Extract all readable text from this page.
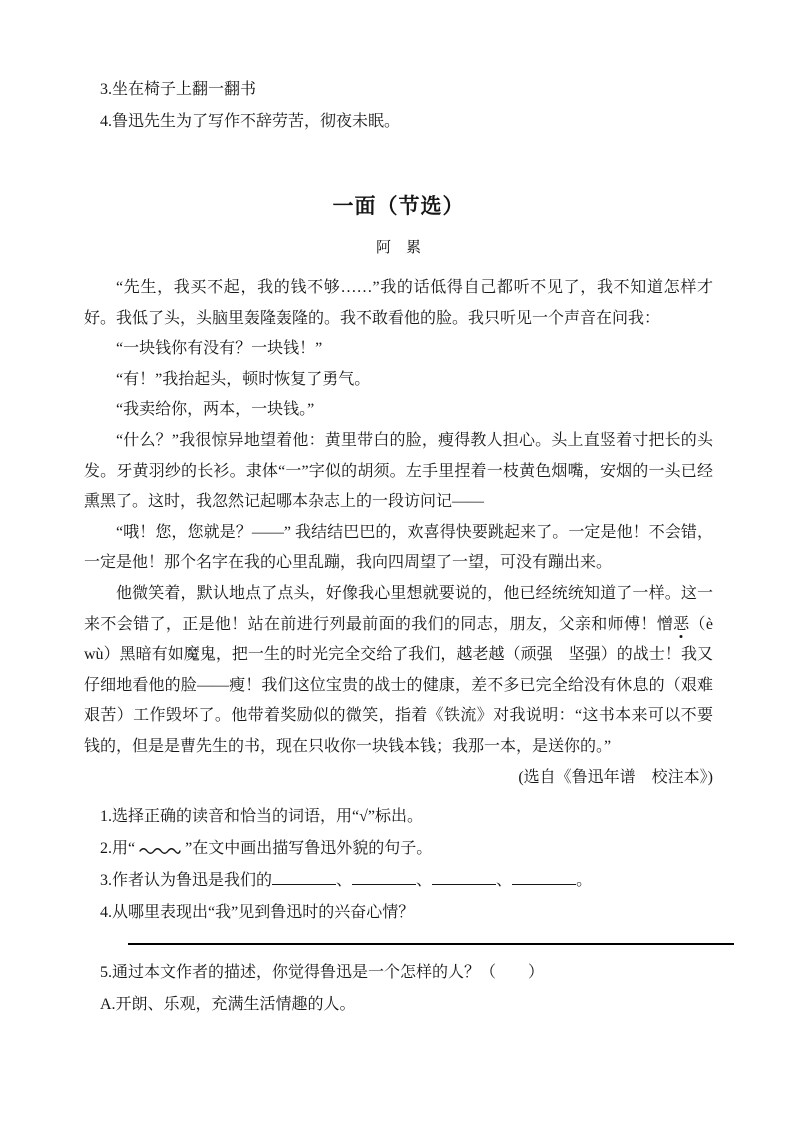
3.坐在椅子上翻一翻书
4.鲁迅先生为了写作不辞劳苦，彻夜未眠。
一面（节选）
阿　累

“先生，我买不起，我的钱不够……”我的话低得自己都听不见了，我不知道怎样才好。我低了头，头脑里轰隆轰隆的。我不敢看他的脸。我只听见一个声音在问我：

“一块钱你有没有？一块钱！”

“有！”我抬起头，顿时恢复了勇气。

“我卖给你，两本，一块钱。”

“什么？”我很惊异地望着他：黄里带白的脸，瘦得教人担心。头上直竖着寸把长的头发。牙黄羽纱的长衫。隶体“一”字似的胡须。左手里捏着一枝黄色烟嘴，安烟的一头已经熏黑了。这时，我忽然记起哪本杂志上的一段访问记——

“哦！您，您就是？——” 我结结巴巴的，欢喜得快要跳起来了。一定是他！不会错，一定是他！那个名字在我的心里乱蹦，我向四周望了一望，可没有蹦出来。

他微笑着，默认地点了点头，好像我心里想就要说的，他已经统统知道了一样。这一来不会错了，正是他！站在前进行列最前面的我们的同志，朋友，父亲和师傅！憎恶（è　wù）黑暗有如魔鬼，把一生的时光完全交给了我们，越老越（顽强　坚强）的战士！我又仔细地看他的脸——瘦！我们这位宝贵的战士的健康，差不多已完全给没有休息的（艰难　艰苦）工作毁坏了。他带着奖励似的微笑，指着《铁流》对我说明：“这书本来可以不要钱的，但是是曹先生的书，现在只收你一块钱本钱；我那一本，是送你的。”

(选自《鲁迅年谱　校注本》)
1.选择正确的读音和恰当的词语，用“√”标出。
2.用“	”在文中画出描写鲁迅外貌的句子。
3.作者认为鲁迅是我们的	、	、	、	。
4.从哪里表现出“我”见到鲁迅时的兴奋心情？
5.通过本文作者的描述，你觉得鲁迅是一个怎样的人？（　　）
A.开朗、乐观，充满生活情趣的人。
